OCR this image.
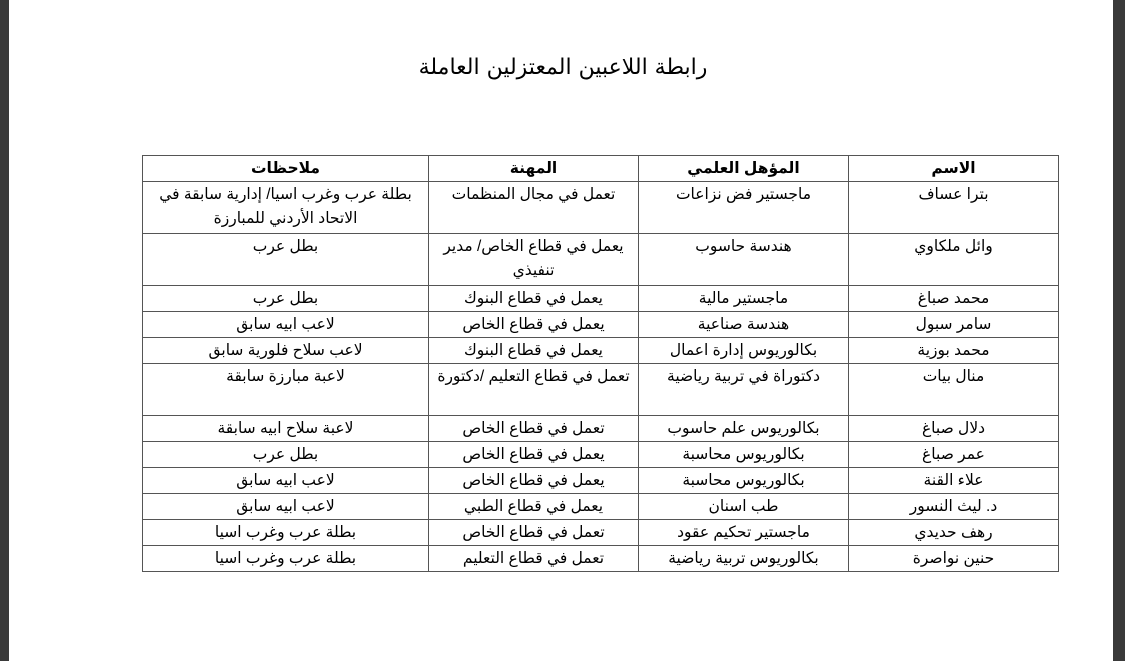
رابطة اللاعبين المعتزلين العاملة
الاسم	المؤهل العلمي	المهنة	ملاحظات
بترا عساف	ماجستير فض نزاعات	تعمل في مجال المنظمات	بطلة عرب وغرب اسيا/ إدارية سابقة في الاتحاد الأردني للمبارزة
وائل ملكاوي	هندسة حاسوب	يعمل في قطاع الخاص/ مدير تنفيذي	بطل عرب
محمد صباغ	ماجستير مالية	يعمل في قطاع البنوك	بطل عرب
سامر سبول	هندسة صناعية	يعمل في قطاع الخاص	لاعب ابيه سابق
محمد بوزية	بكالوريوس إدارة اعمال	يعمل في قطاع البنوك	لاعب سلاح فلورية سابق
منال بيات	دكتوراة في تربية رياضية	تعمل في قطاع التعليم /دكتورة	لاعبة مبارزة سابقة
دلال صباغ	بكالوريوس علم حاسوب	تعمل في قطاع الخاص	لاعبة سلاح ابيه سابقة
عمر صباغ	بكالوريوس محاسبة	يعمل في قطاع الخاص	بطل عرب
علاء القنة	بكالوريوس محاسبة	يعمل في قطاع الخاص	لاعب ابيه سابق
د. ليث النسور	طب اسنان	يعمل في قطاع الطبي	لاعب ابيه سابق
رهف حديدي	ماجستير تحكيم عقود	تعمل في قطاع الخاص	بطلة عرب وغرب اسيا
حنين نواصرة	بكالوريوس تربية رياضية	تعمل في قطاع التعليم	بطلة عرب وغرب اسيا
